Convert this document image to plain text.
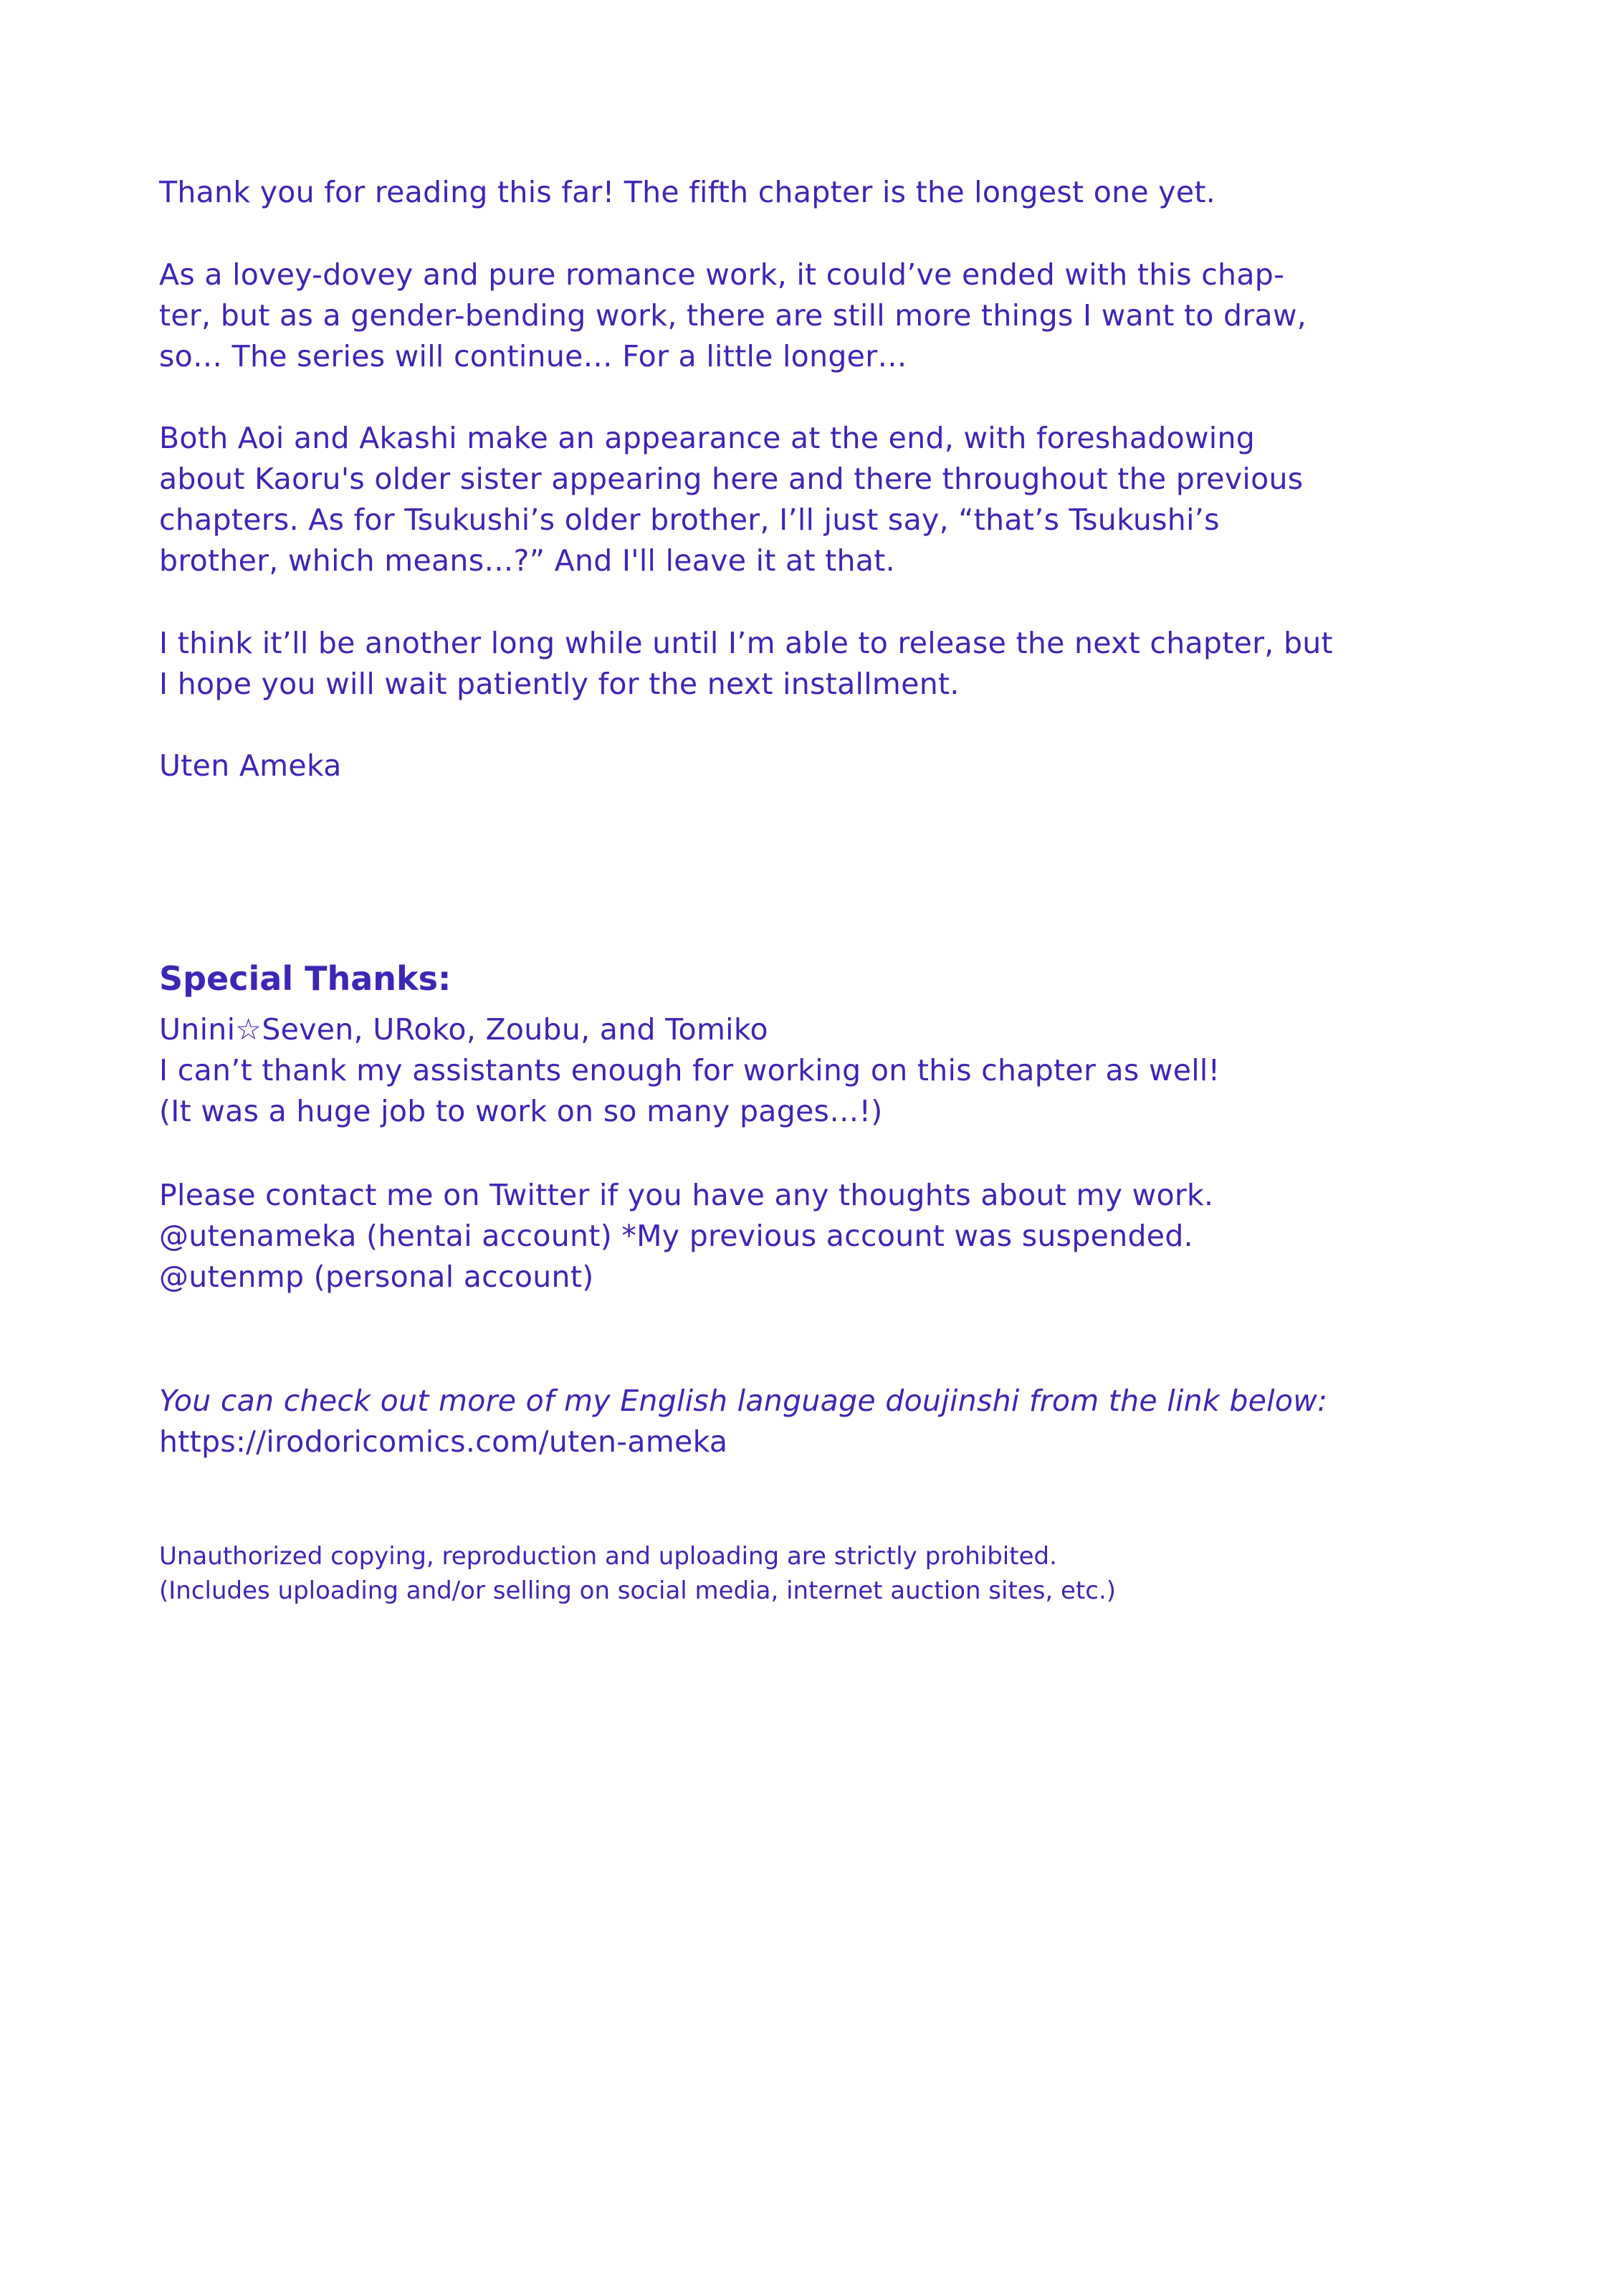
Thank you for reading this far! The fifth chapter is the longest one yet.
As a lovey-dovey and pure romance work, it could’ve ended with this chap-
ter, but as a gender-bending work, there are still more things I want to draw,
so… The series will continue… For a little longer…
Both Aoi and Akashi make an appearance at the end, with foreshadowing
about Kaoru's older sister appearing here and there throughout the previous
chapters. As for Tsukushi’s older brother, I’ll just say, “that’s Tsukushi’s
brother, which means…?” And I'll leave it at that.
I think it’ll be another long while until I’m able to release the next chapter, but
I hope you will wait patiently for the next installment.
Uten Ameka
Special Thanks:
Unini☆Seven, URoko, Zoubu, and Tomiko
I can’t thank my assistants enough for working on this chapter as well!
(It was a huge job to work on so many pages…!)
Please contact me on Twitter if you have any thoughts about my work.
@utenameka (hentai account) *My previous account was suspended.
@utenmp (personal account)
You can check out more of my English language doujinshi from the link below:
https://irodoricomics.com/uten-ameka
Unauthorized copying, reproduction and uploading are strictly prohibited.
(Includes uploading and/or selling on social media, internet auction sites, etc.)
